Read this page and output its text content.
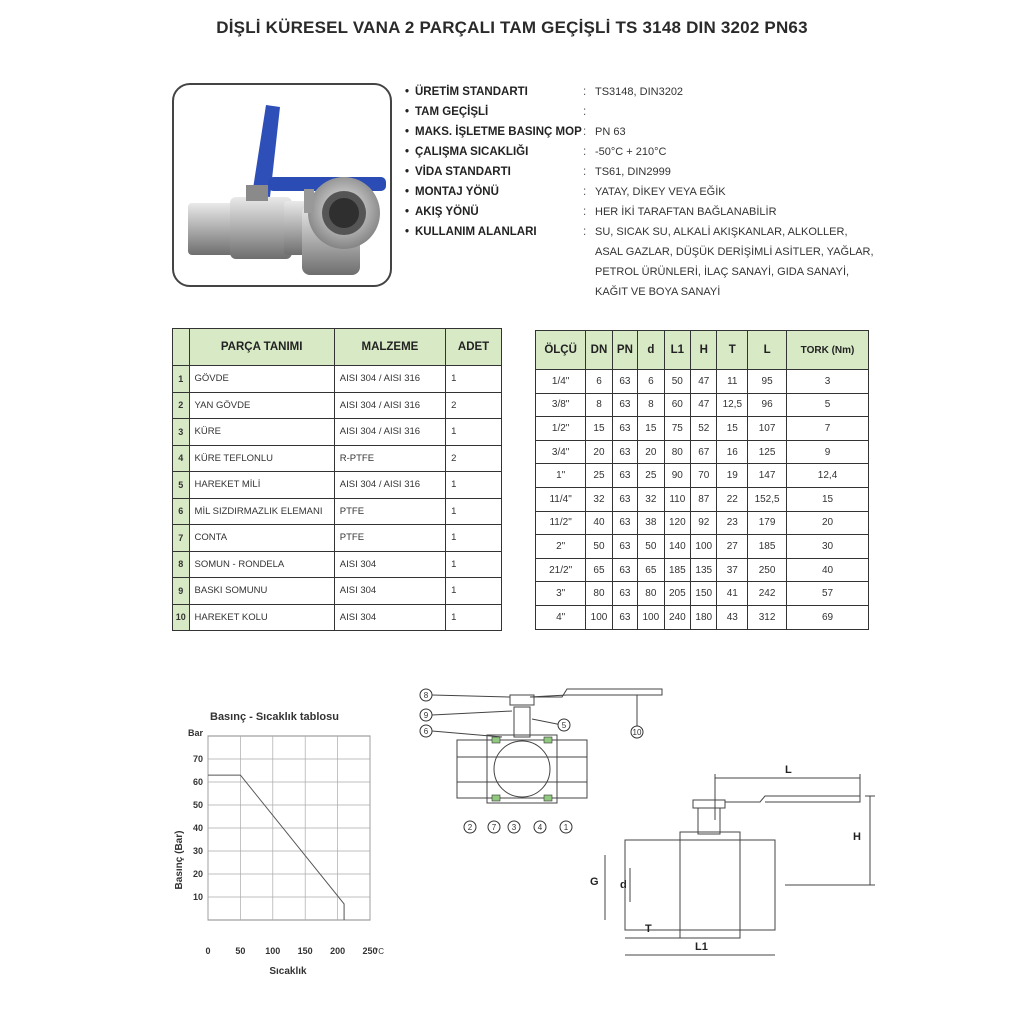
DİŞLİ KÜRESEL VANA 2 PARÇALI TAM GEÇİŞLİ TS 3148 DIN 3202 PN63
• ÜRETİM STANDARTI	: TS3148, DIN3202
• TAM GEÇİŞLİ	:
• MAKS. İŞLETME BASINÇ MOP : PN 63
• ÇALIŞMA SICAKLIĞI	: -50°C + 210°C
• VİDA STANDARTI	: TS61, DIN2999
• MONTAJ YÖNÜ	: YATAY, DİKEY VEYA EĞİK
• AKIŞ YÖNÜ	: HER İKİ TARAFTAN BAĞLANABİLİR
• KULLANIM ALANLARI	: SU, SICAK SU, ALKALİ AKIŞKANLAR, ALKOLLER,
ASAL GAZLAR, DÜŞÜK DERİŞİMLİ ASİTLER, YAĞLAR,
PETROL ÜRÜNLERİ, İLAÇ SANAYİ, GIDA SANAYİ,
KAĞIT VE BOYA SANAYİ
	PARÇA TANIMI	MALZEME	ADET
1	GÖVDE	AISI 304 / AISI 316	1
2	YAN GÖVDE	AISI 304 / AISI 316	2
3	KÜRE	AISI 304 / AISI 316	1
4	KÜRE TEFLONLU	R-PTFE	2
5	HAREKET MİLİ	AISI 304 / AISI 316	1
6	MİL SIZDIRMAZLIK ELEMANI	PTFE	1
7	CONTA	PTFE	1
8	SOMUN - RONDELA	AISI 304	1
9	BASKI SOMUNU	AISI 304	1
10	HAREKET KOLU	AISI 304	1
ÖLÇÜ	DN	PN	d	L1	H	T	L	TORK (Nm)
1/4"	6	63	6	50	47	11	95	3
3/8"	8	63	8	60	47	12,5	96	5
1/2"	15	63	15	75	52	15	107	7
3/4"	20	63	20	80	67	16	125	9
1"	25	63	25	90	70	19	147	12,4
11/4"	32	63	32	110	87	22	152,5	15
11/2"	40	63	38	120	92	23	179	20
2"	50	63	50	140	100	27	185	30
21/2"	65	63	65	185	135	37	250	40
3"	80	63	80	205	150	41	242	57
4"	100	63	100	240	180	43	312	69
Basınç - Sıcaklık tablosu
Bar
Basınç (Bar)
Sıcaklık
°C
0	50 100 150 200 250
10
20
30
40
50
60
70
8
9
6
5
10
2 7 3	4	1
L
H
G d
T
L1
